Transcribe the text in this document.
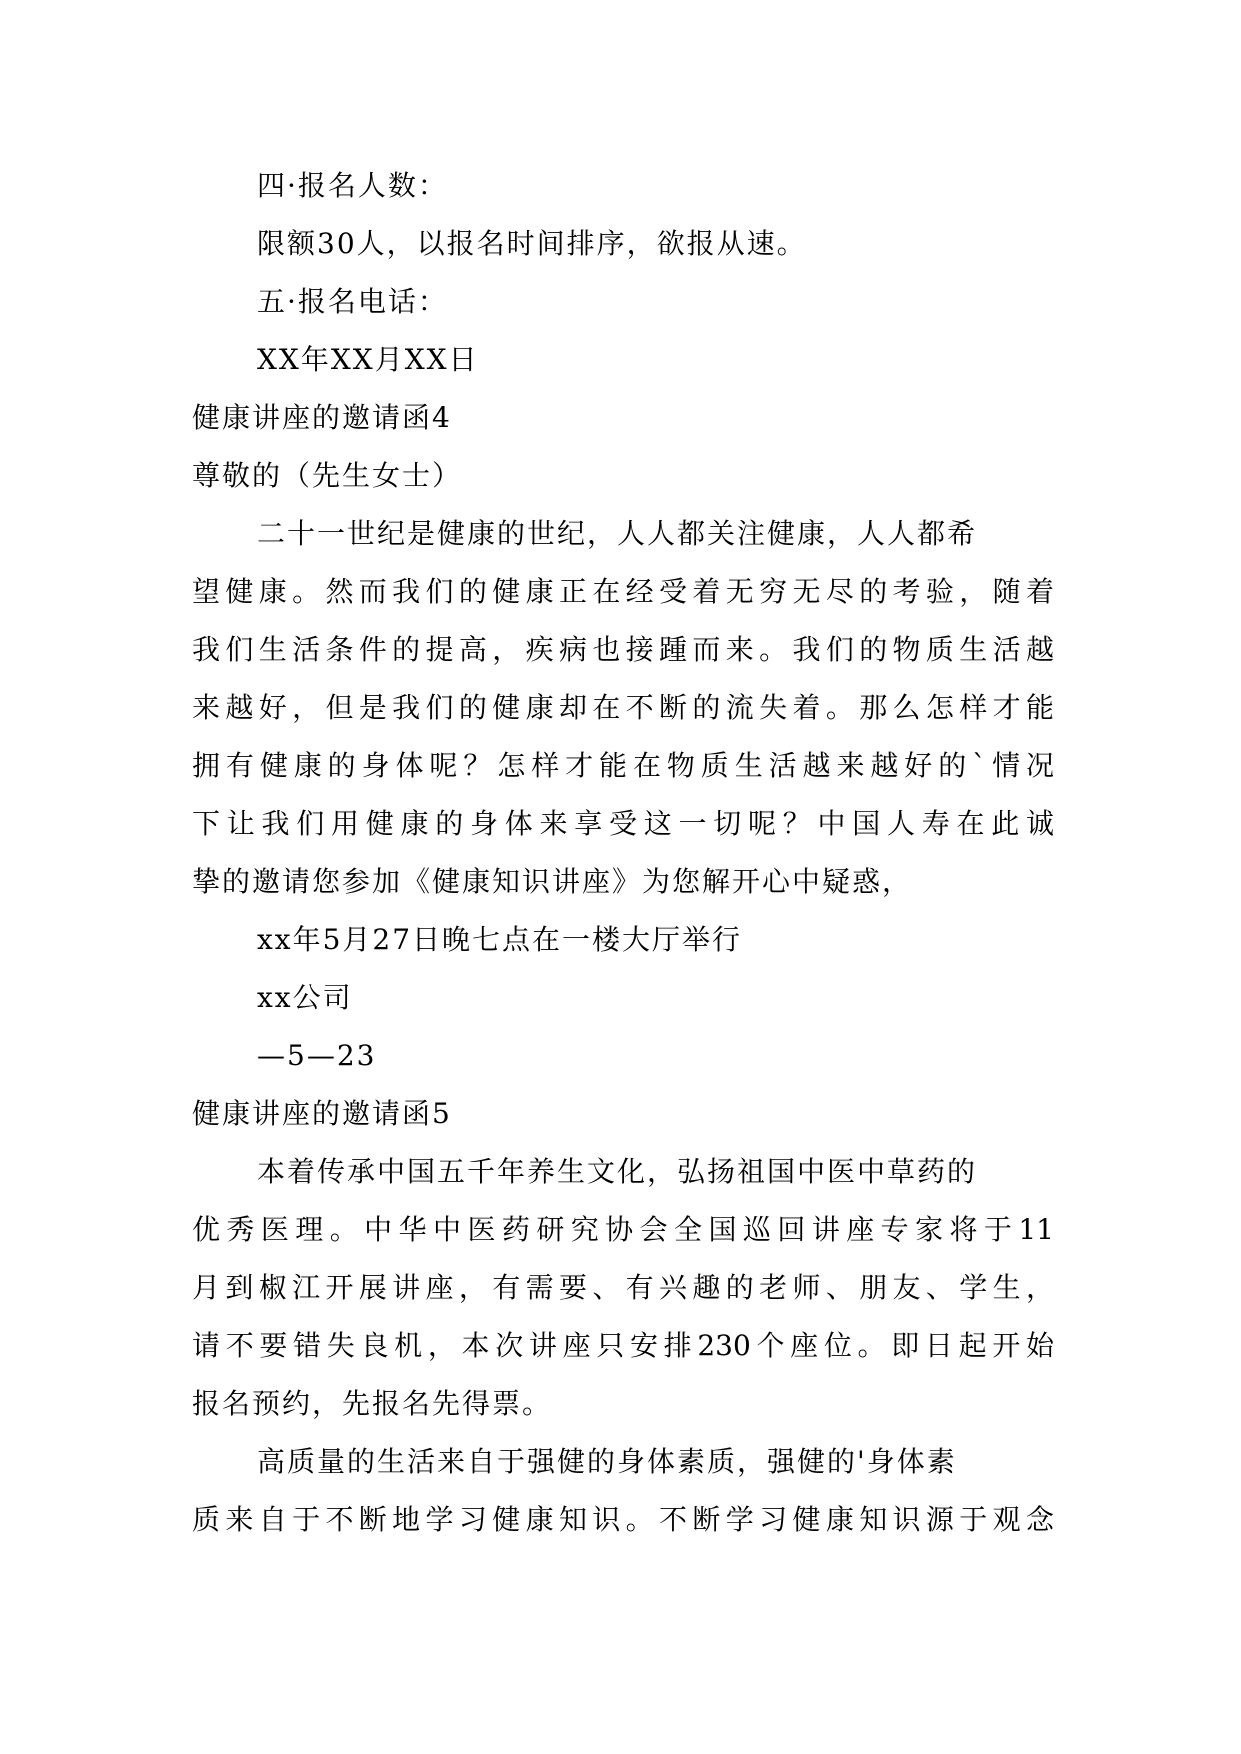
四·报名人数：
限额30人，以报名时间排序，欲报从速。
五·报名电话：
XX年XX月XX日
健康讲座的邀请函4
尊敬的（先生女士）
二十一世纪是健康的世纪，人人都关注健康，人人都希
望健康。然而我们的健康正在经受着无穷无尽的考验，随着
我们生活条件的提高，疾病也接踵而来。我们的物质生活越
来越好，但是我们的健康却在不断的流失着。那么怎样才能
拥有健康的身体呢？怎样才能在物质生活越来越好的`情况
下让我们用健康的身体来享受这一切呢？中国人寿在此诚
挚的邀请您参加《健康知识讲座》为您解开心中疑惑，
xx年5月27日晚七点在一楼大厅举行
xx公司
—5—23
健康讲座的邀请函5
本着传承中国五千年养生文化，弘扬祖国中医中草药的
优秀医理。中华中医药研究协会全国巡回讲座专家将于11
月到椒江开展讲座，有需要、有兴趣的老师、朋友、学生，
请不要错失良机，本次讲座只安排230个座位。即日起开始
报名预约，先报名先得票。
高质量的生活来自于强健的身体素质，强健的'身体素
质来自于不断地学习健康知识。不断学习健康知识源于观念
